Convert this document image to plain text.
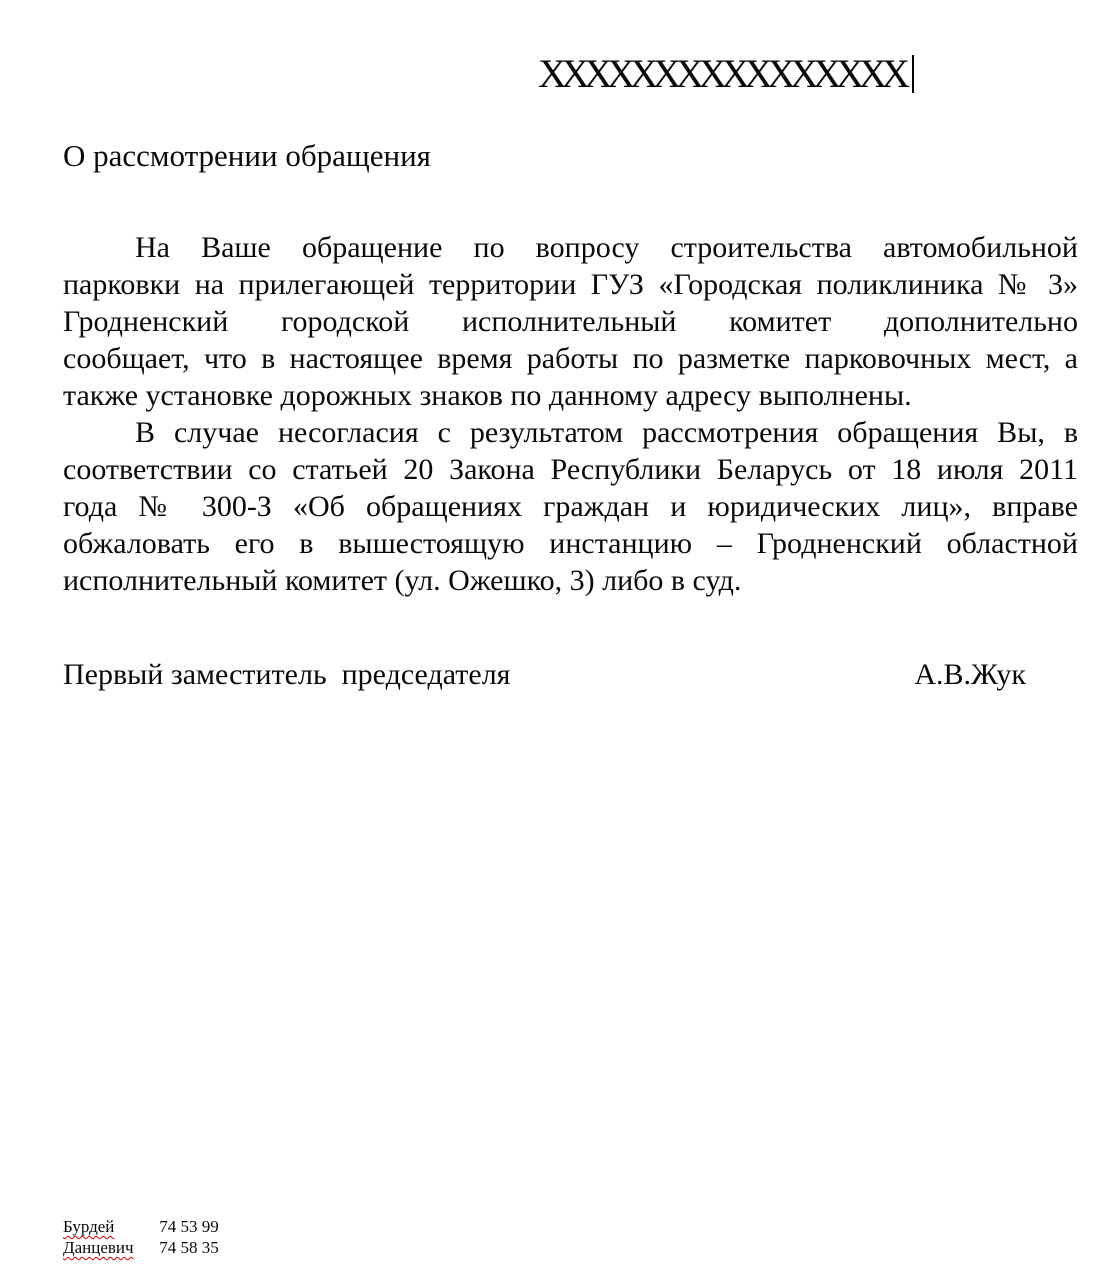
ХХХХХХХХХХХХХХХХ
О рассмотрении обращения
На Ваше обращение по вопросу строительства автомобильной
парковки на прилегающей территории ГУЗ «Городская поликлиника № 3»
Гродненский городской исполнительный комитет дополнительно
сообщает, что в настоящее время работы по разметке парковочных мест, а
также установке дорожных знаков по данному адресу выполнены.
В случае несогласия с результатом рассмотрения обращения Вы, в
соответствии со статьей 20 Закона Республики Беларусь от 18 июля 2011
года № 300-З «Об обращениях граждан и юридических лиц», вправе
обжаловать его в вышестоящую инстанцию – Гродненский областной
исполнительный комитет (ул. Ожешко, 3) либо в суд.
Первый заместитель  председателя	А.В.Жук
Бурдей	74 53 99
Данцевич 74 58 35
